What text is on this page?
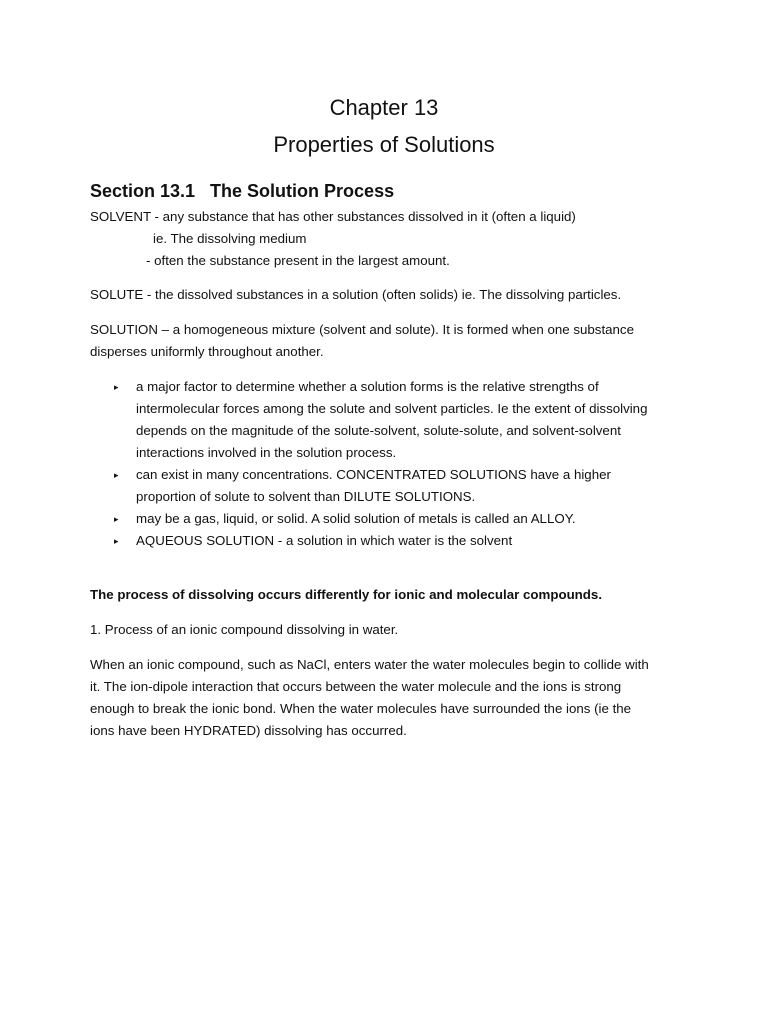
Chapter 13
Properties of Solutions
Section 13.1   The Solution Process

SOLVENT - any substance that has other substances dissolved in it (often a liquid)
ie. The dissolving medium
- often the substance present in the largest amount.

SOLUTE - the dissolved substances in a solution (often solids) ie. The dissolving particles.

SOLUTION – a homogeneous mixture (solvent and solute). It is formed when one substance
disperses uniformly throughout another.

▸ a major factor to determine whether a solution forms is the relative strengths of
intermolecular forces among the solute and solvent particles. Ie the extent of dissolving
depends on the magnitude of the solute-solvent, solute-solute, and solvent-solvent
interactions involved in the solution process.
▸ can exist in many concentrations. CONCENTRATED SOLUTIONS have a higher
proportion of solute to solvent than DILUTE SOLUTIONS.
▸ may be a gas, liquid, or solid. A solid solution of metals is called an ALLOY.
▸ AQUEOUS SOLUTION - a solution in which water is the solvent

The process of dissolving occurs differently for ionic and molecular compounds.

1. Process of an ionic compound dissolving in water.

When an ionic compound, such as NaCl, enters water the water molecules begin to collide with
it. The ion-dipole interaction that occurs between the water molecule and the ions is strong
enough to break the ionic bond. When the water molecules have surrounded the ions (ie the
ions have been HYDRATED) dissolving has occurred.
